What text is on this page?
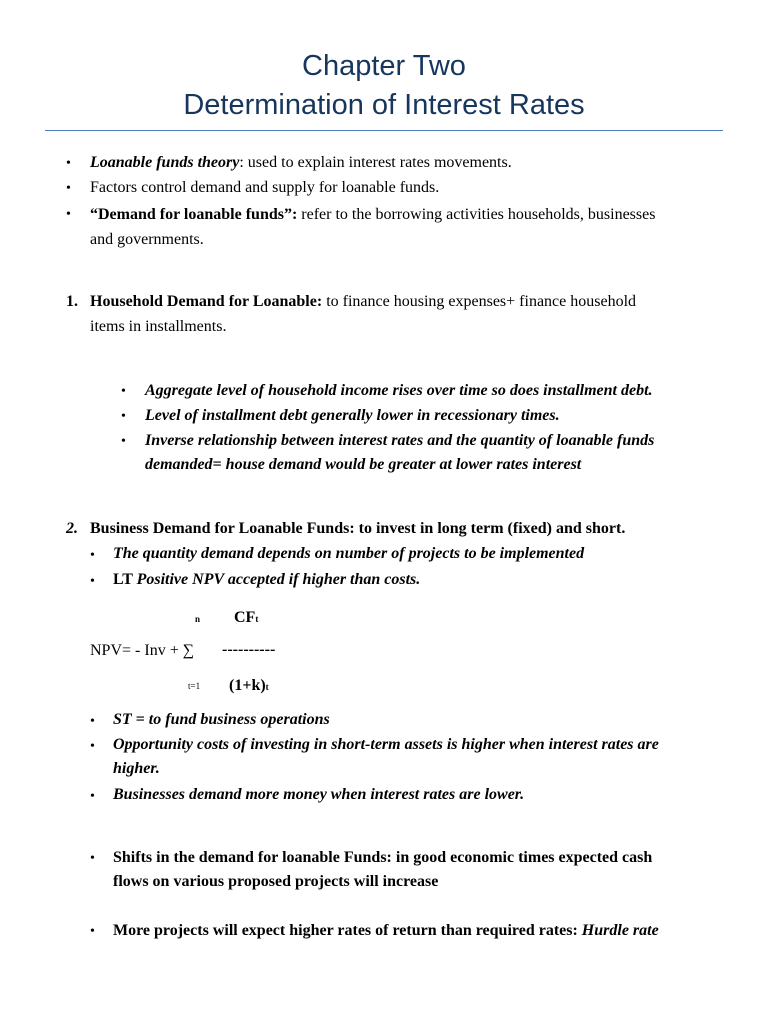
Chapter Two
Determination of Interest Rates
• Loanable funds theory: used to explain interest rates movements.
• Factors control demand and supply for loanable funds.
• “Demand for loanable funds”: refer to the borrowing activities households, businesses
and governments.
1. Household Demand for Loanable: to finance housing expenses+ finance household
items in installments.
• Aggregate level of household income rises over time so does installment debt.
• Level of installment debt generally lower in recessionary times.
• Inverse relationship between interest rates and the quantity of loanable funds
demanded= house demand would be greater at lower rates interest
2. Business Demand for Loanable Funds: to invest in long term (fixed) and short.
• The quantity demand depends on number of projects to be implemented
• LT Positive NPV accepted if higher than costs.
n CFt
NPV= - Inv + ∑ ----------
t=1 (1+k)t
• ST = to fund business operations
• Opportunity costs of investing in short-term assets is higher when interest rates are
higher.
• Businesses demand more money when interest rates are lower.
• Shifts in the demand for loanable Funds: in good economic times expected cash
flows on various proposed projects will increase
• More projects will expect higher rates of return than required rates: Hurdle rate
